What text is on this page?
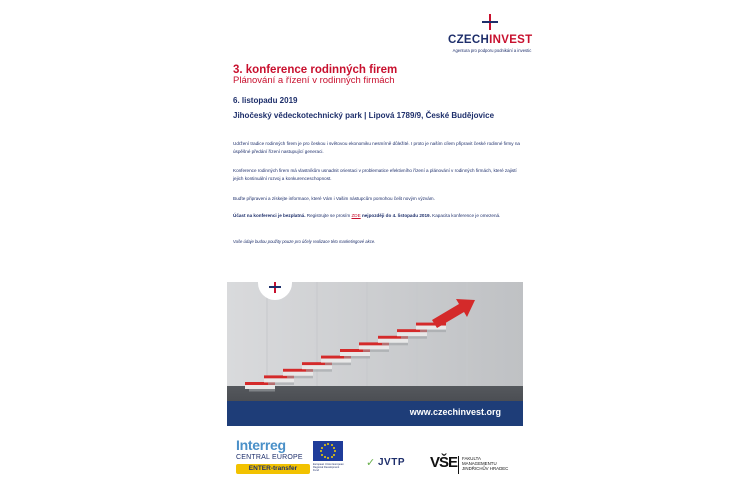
CZECHINVEST
Agentura pro podporu podnikání a investic
3. konference rodinných firem
Plánování a řízení v rodinných firmách
6. listopadu 2019
Jihočeský vědeckotechnický park | Lipová 1789/9, České Budějovice
Udržení tradice rodinných firem je pro českou i světovou ekonomiku nesmírně důležité. I proto je naším cílem připravit české rodinné firmy na úspěšné předání řízení nastupující generaci.
Konference rodinných firem má vlastníkům usnadnit orientaci v problematice efektivního řízení a plánování v rodinných firmách, které zajistí jejich kontinuální rozvoj a konkurenceschopnost.
Buďte připraveni a získejte informace, které Vám i Vašim nástupcům pomohou čelit novým výzvám.
Účast na konferenci je bezplatná. Registrujte se prosím ZDE nejpozději do 4. listopadu 2019. Kapacita konference je omezená.
Vaše údaje budou použity pouze pro účely realizace této marketingové akce.
www.czechinvest.org
Interreg
CENTRAL EUROPE
ENTER-transfer
European Union European Regional Development Fund
✓ JVTP VŠE FAKULTA
MANAGEMENTU
JINDŘICHŮV HRADEC
